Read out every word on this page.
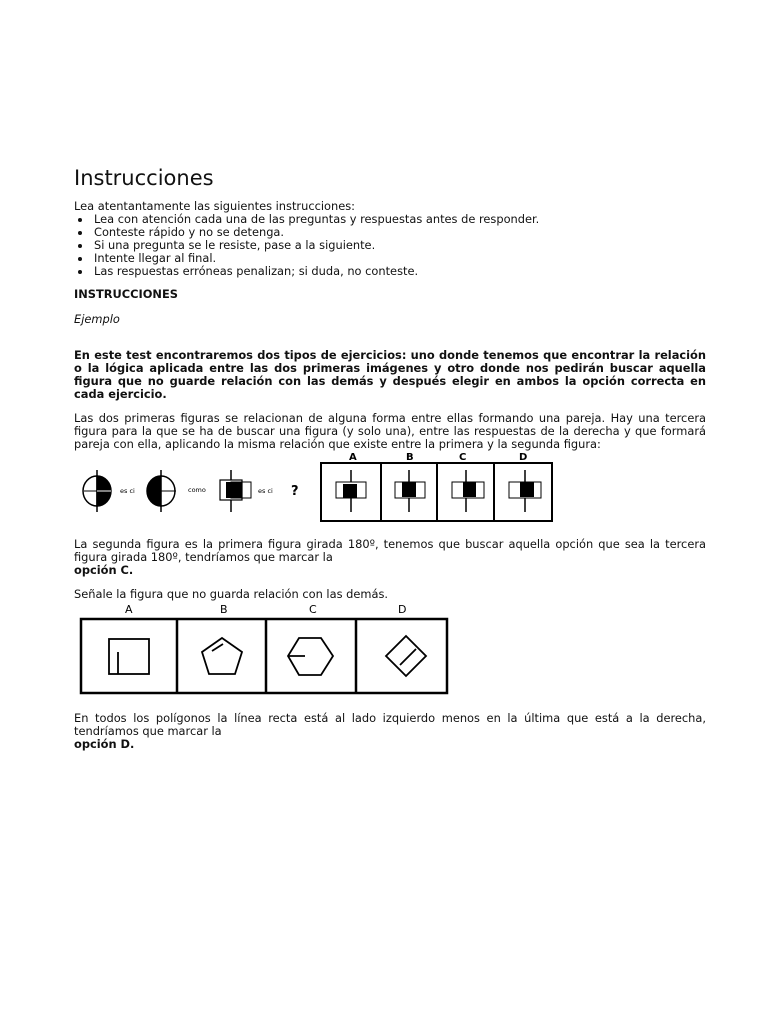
Instrucciones
Lea atentantamente las siguientes instrucciones:
• Lea con atención cada una de las preguntas y respuestas antes de responder.
• Conteste rápido y no se detenga.
• Si una pregunta se le resiste, pase a la siguiente.
• Intente llegar al final.
• Las respuestas erróneas penalizan; si duda, no conteste.
INSTRUCCIONES
Ejemplo
En este test encontraremos dos tipos de ejercicios: uno donde tenemos que encontrar la relación o la lógica aplicada entre las dos primeras imágenes y otro donde nos pedirán buscar aquella figura que no guarde relación con las demás y después elegir en ambos la opción correcta en cada ejercicio.
Las dos primeras figuras se relacionan de alguna forma entre ellas formando una pareja. Hay una tercera figura para la que se ha de buscar una figura (y solo una), entre las respuestas de la derecha y que formará pareja con ella, aplicando la misma relación que existe entre la primera y la segunda figura:
es ci	como	es ci ?
A	B	C	D
A	B	C	D
La segunda figura es la primera figura girada 180º, tenemos que buscar aquella opción que sea la tercera figura girada 180º, tendríamos que marcar la
opción C.
Señale la figura que no guarda relación con las demás.
En todos los polígonos la línea recta está al lado izquierdo menos en la última que está a la derecha, tendríamos que marcar la
opción D.
